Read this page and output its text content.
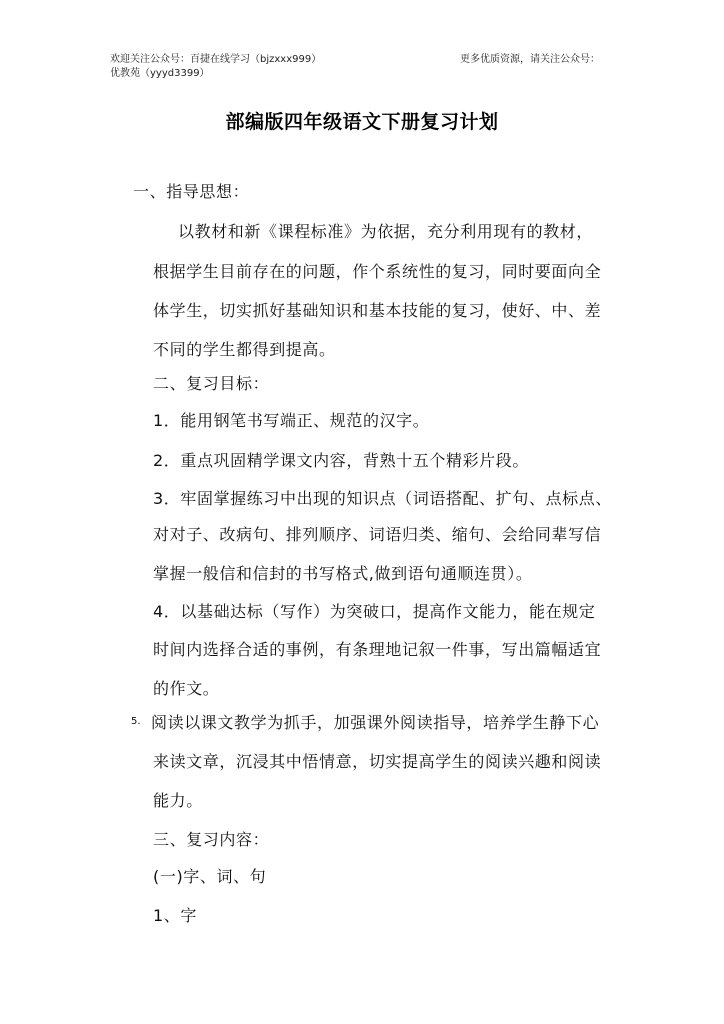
欢迎关注公众号：百捷在线学习（bjzxxx999）
优教苑（yyyd3399）
更多优质资源，请关注公众号：
部编版四年级语文下册复习计划
一、指导思想：
以教材和新《课程标准》为依据，充分利用现有的教材，
根据学生目前存在的问题，作个系统性的复习，同时要面向全
体学生，切实抓好基础知识和基本技能的复习，使好、中、差
不同的学生都得到提高。
二、复习目标：
1．能用钢笔书写端正、规范的汉字。
2．重点巩固精学课文内容，背熟十五个精彩片段。
3．牢固掌握练习中出现的知识点（词语搭配、扩句、点标点、
对对子、改病句、排列顺序、词语归类、缩句、会给同辈写信
掌握一般信和信封的书写格式,做到语句通顺连贯）。
4．以基础达标（写作）为突破口，提高作文能力，能在规定
时间内选择合适的事例，有条理地记叙一件事，写出篇幅适宜
的作文。
5. 阅读以课文教学为抓手，加强课外阅读指导，培养学生静下心
来读文章，沉浸其中悟情意，切实提高学生的阅读兴趣和阅读
能力。
三、复习内容：
(一)字、词、句
1、字
